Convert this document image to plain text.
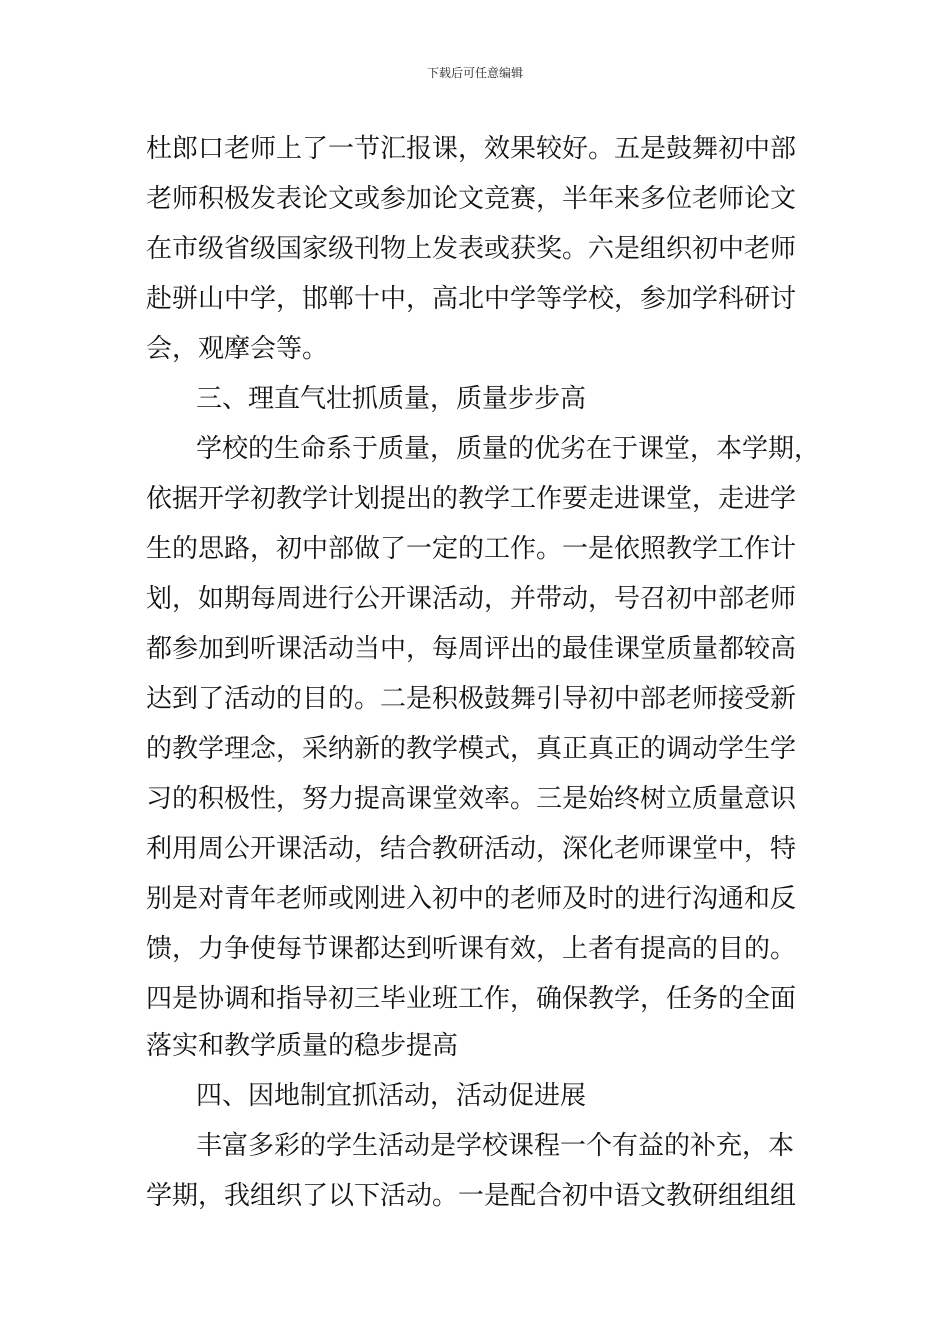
下载后可任意编辑
杜郎口老师上了一节汇报课，效果较好。五是鼓舞初中部
老师积极发表论文或参加论文竞赛，半年来多位老师论文
在市级省级国家级刊物上发表或获奖。六是组织初中老师
赴骈山中学，邯郸十中，高北中学等学校，参加学科研讨
会，观摩会等。
三、理直气壮抓质量，质量步步高
学校的生命系于质量，质量的优劣在于课堂，本学期，
依据开学初教学计划提出的教学工作要走进课堂，走进学
生的思路，初中部做了一定的工作。一是依照教学工作计
划，如期每周进行公开课活动，并带动，号召初中部老师
都参加到听课活动当中，每周评出的最佳课堂质量都较高
达到了活动的目的。二是积极鼓舞引导初中部老师接受新
的教学理念，采纳新的教学模式，真正真正的调动学生学
习的积极性，努力提高课堂效率。三是始终树立质量意识
利用周公开课活动，结合教研活动，深化老师课堂中，特
别是对青年老师或刚进入初中的老师及时的进行沟通和反
馈，力争使每节课都达到听课有效，上者有提高的目的。
四是协调和指导初三毕业班工作，确保教学，任务的全面
落实和教学质量的稳步提高
四、因地制宜抓活动，活动促进展
丰富多彩的学生活动是学校课程一个有益的补充，本
学期，我组织了以下活动。一是配合初中语文教研组组组
